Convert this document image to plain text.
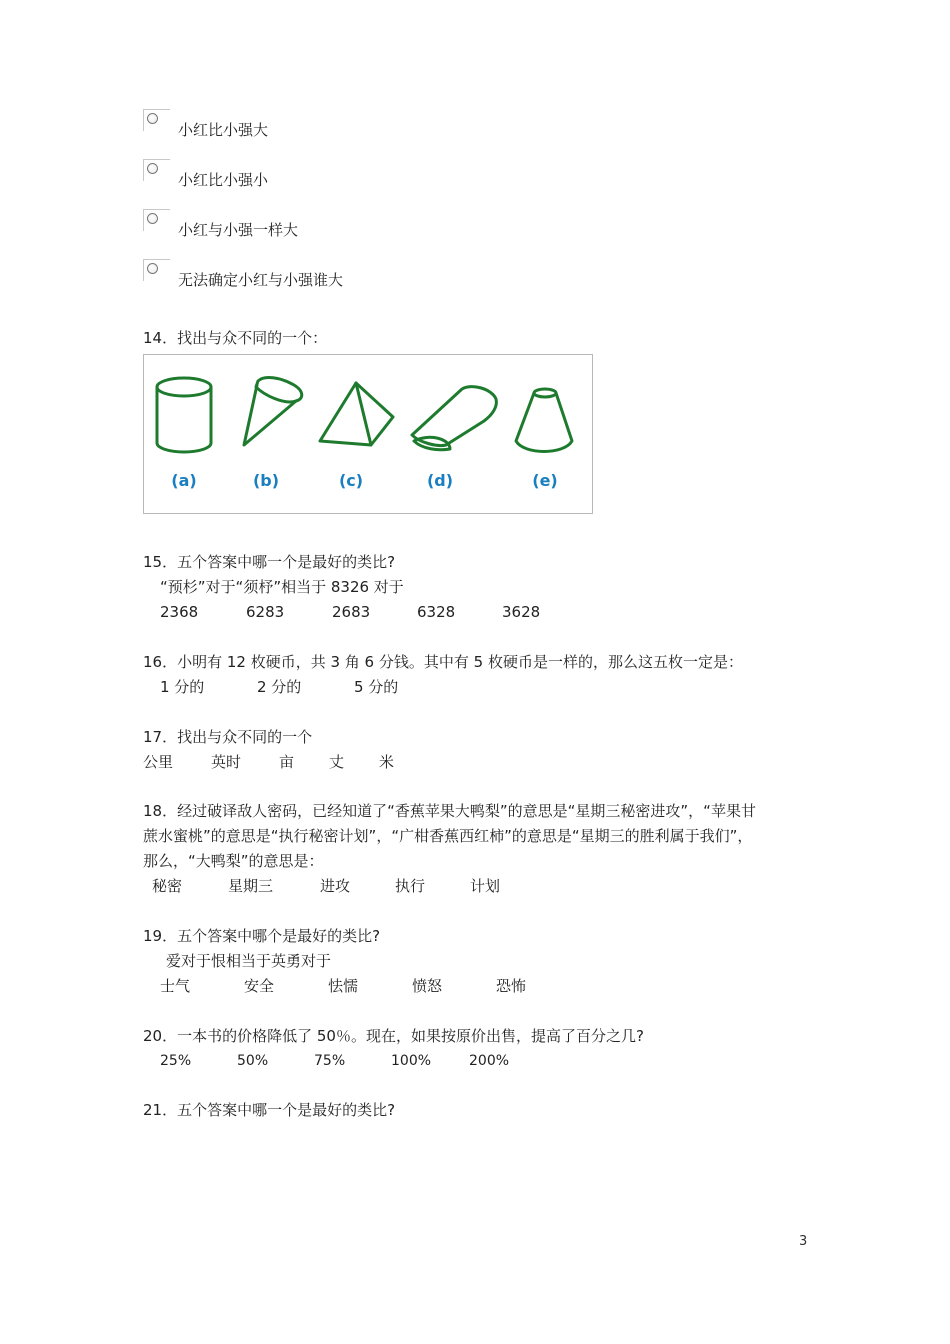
小红比小强大
小红比小强小
小红与小强一样大
无法确定小红与小强谁大
14．找出与众不同的一个：
(a)	(b)	(c)	(d)	(e)
15．五个答案中哪一个是最好的类比?
“预杉”对于“须杼”相当于 8326 对于
2368	6283	2683	6328	3628
16．小明有 12 枚硬币，共 3 角 6 分钱。其中有 5 枚硬币是一样的，那么这五枚一定是：
1 分的	2 分的	5 分的
17．找出与众不同的一个
公里	英时	亩 丈 米
18．经过破译敌人密码，已经知道了“香蕉苹果大鸭梨”的意思是“星期三秘密进攻”，“苹果甘
蔗水蜜桃”的意思是“执行秘密计划”，“广柑香蕉西红柿”的意思是“星期三的胜利属于我们”，
那么，“大鸭梨”的意思是：
秘密	星期三	进攻	执行	计划
19．五个答案中哪个是最好的类比?
爱对于恨相当于英勇对于
士气	安全	怯懦	愤怒	恐怖
20．一本书的价格降低了 50％。现在，如果按原价出售，提高了百分之几?
25%	50%	75%	100%	200%
21．五个答案中哪一个是最好的类比?
3
